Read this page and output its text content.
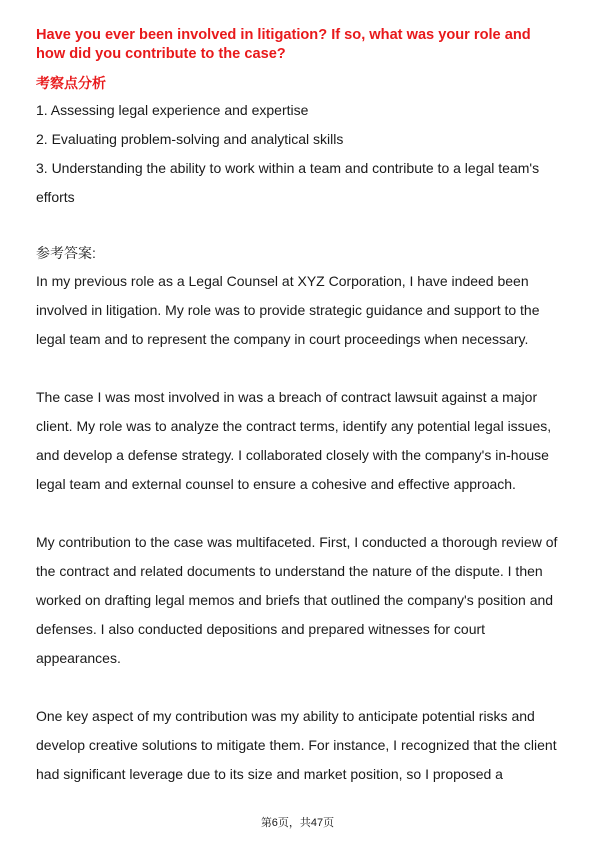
Have you ever been involved in litigation? If so, what was your role and how did you contribute to the case?

考察点分析
1. Assessing legal experience and expertise
2. Evaluating problem-solving and analytical skills
3. Understanding the ability to work within a team and contribute to a legal team's efforts
参考答案:

In my previous role as a Legal Counsel at XYZ Corporation, I have indeed been involved in litigation. My role was to provide strategic guidance and support to the legal team and to represent the company in court proceedings when necessary.

The case I was most involved in was a breach of contract lawsuit against a major client. My role was to analyze the contract terms, identify any potential legal issues, and develop a defense strategy. I collaborated closely with the company's in-house legal team and external counsel to ensure a cohesive and effective approach.

My contribution to the case was multifaceted. First, I conducted a thorough review of the contract and related documents to understand the nature of the dispute. I then worked on drafting legal memos and briefs that outlined the company's position and defenses. I also conducted depositions and prepared witnesses for court appearances.

One key aspect of my contribution was my ability to anticipate potential risks and develop creative solutions to mitigate them. For instance, I recognized that the client had significant leverage due to its size and market position, so I proposed a

第6页，共47页
